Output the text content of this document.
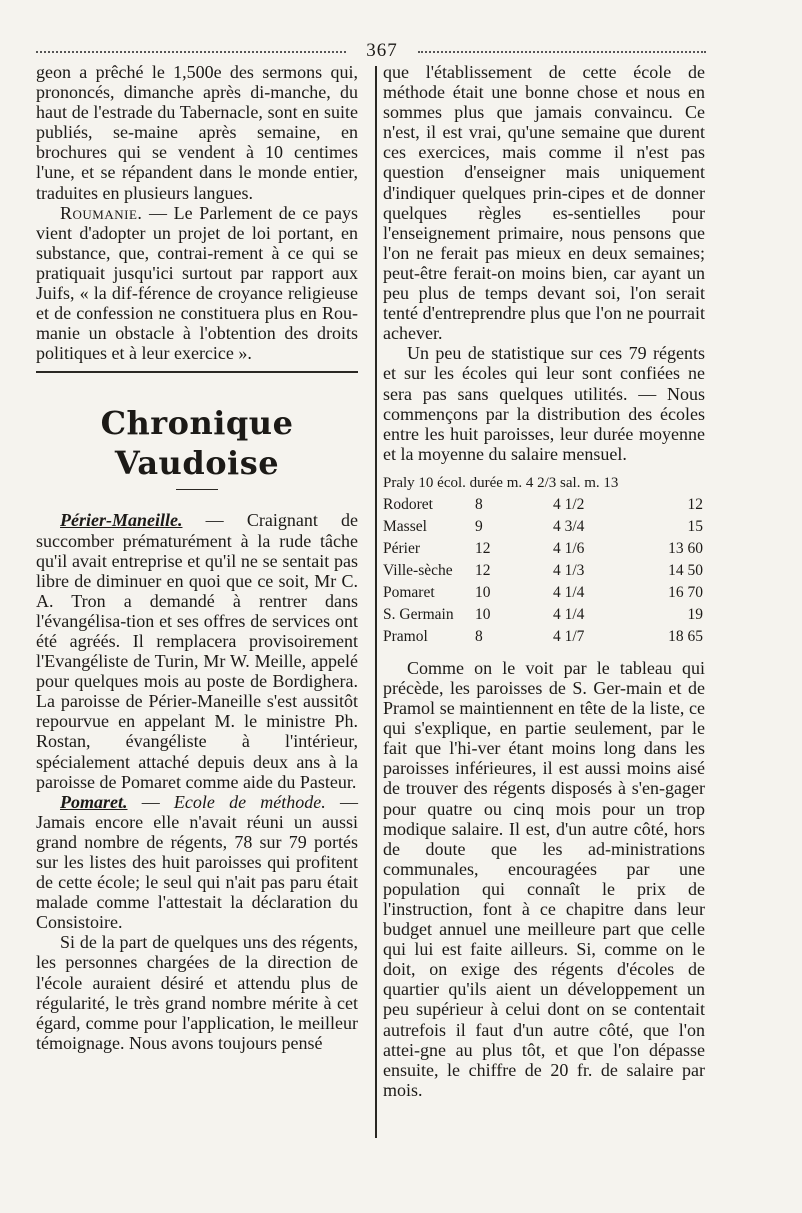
367

geon a prêché le 1,500e des sermons qui, prononcés, dimanche après di-manche, du haut de l'estrade du Tabernacle, sont en suite publiés, se-maine après semaine, en brochures qui se vendent à 10 centimes l'une, et se répandent dans le monde entier, traduites en plusieurs langues.

Roumanie. — Le Parlement de ce pays vient d'adopter un projet de loi portant, en substance, que, contrai-rement à ce qui se pratiquait jusqu'ici surtout par rapport aux Juifs, « la dif-férence de croyance religieuse et de confession ne constituera plus en Rou-manie un obstacle à l'obtention des droits politiques et à leur exercice ».

Chronique Vaudoise

Périer-Maneille. — Craignant de succomber prématurément à la rude tâche qu'il avait entreprise et qu'il ne se sentait pas libre de diminuer en quoi que ce soit, Mr C. A. Tron a demandé à rentrer dans l'évangélisa-tion et ses offres de services ont été agréés. Il remplacera provisoirement l'Evangéliste de Turin, Mr W. Meille, appelé pour quelques mois au poste de Bordighera. La paroisse de Périer-Maneille s'est aussitôt repourvue en appelant M. le ministre Ph. Rostan, évangéliste à l'intérieur, spécialement attaché depuis deux ans à la paroisse de Pomaret comme aide du Pasteur.

Pomaret. — Ecole de méthode. — Jamais encore elle n'avait réuni un aussi grand nombre de régents, 78 sur 79 portés sur les listes des huit paroisses qui profitent de cette école; le seul qui n'ait pas paru était malade comme l'attestait la déclaration du Consistoire.

Si de la part de quelques uns des régents, les personnes chargées de la direction de l'école auraient désiré et attendu plus de régularité, le très grand nombre mérite à cet égard, comme pour l'application, le meilleur témoignage. Nous avons toujours pensé

que l'établissement de cette école de méthode était une bonne chose et nous en sommes plus que jamais convaincu. Ce n'est, il est vrai, qu'une semaine que durent ces exercices, mais comme il n'est pas question d'enseigner mais uniquement d'indiquer quelques prin-cipes et de donner quelques règles es-sentielles pour l'enseignement primaire, nous pensons que l'on ne ferait pas mieux en deux semaines; peut-être ferait-on moins bien, car ayant un peu plus de temps devant soi, l'on serait tenté d'entreprendre plus que l'on ne pourrait achever.

Un peu de statistique sur ces 79 régents et sur les écoles qui leur sont confiées ne sera pas sans quelques utilités. — Nous commençons par la distribution des écoles entre les huit paroisses, leur durée moyenne et la moyenne du salaire mensuel.

Praly 10 écol. durée m. 4 2/3 sal. m. 13
Rodoret	8	4 1/2	12
Massel	9	4 3/4	15
Périer	12	4 1/6	13 60
Ville-sèche	12	4 1/3	14 50
Pomaret	10	4 1/4	16 70
S. Germain	10	4 1/4	19
Pramol	8	4 1/7	18 65

Comme on le voit par le tableau qui précède, les paroisses de S. Ger-main et de Pramol se maintiennent en tête de la liste, ce qui s'explique, en partie seulement, par le fait que l'hi-ver étant moins long dans les paroisses inférieures, il est aussi moins aisé de trouver des régents disposés à s'en-gager pour quatre ou cinq mois pour un trop modique salaire. Il est, d'un autre côté, hors de doute que les ad-ministrations communales, encouragées par une population qui connaît le prix de l'instruction, font à ce chapitre dans leur budget annuel une meilleure part que celle qui lui est faite ailleurs. Si, comme on le doit, on exige des régents d'écoles de quartier qu'ils aient un développement un peu supérieur à celui dont on se contentait autrefois il faut d'un autre côté, que l'on attei-gne au plus tôt, et que l'on dépasse ensuite, le chiffre de 20 fr. de salaire par mois.
